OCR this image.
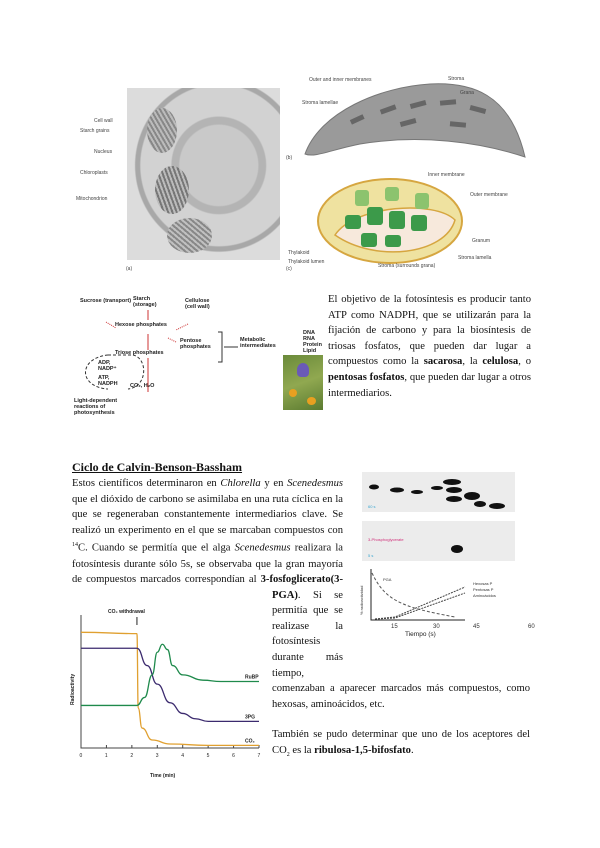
Cell wall
Starch grains
Nucleus
Chloroplasts
Mitochondrion
(a)
Outer and inner membranes	Stroma
Grana
Stroma lamellae
(b)
Inner membrane
Outer membrane
Granum
Stroma lamella
Stroma (surrounds grana)
Thylakoid
Thylakoid lumen
(c)
Sucrose (transport) Starch (storage)
Cellulose (cell wall)
Hexose phosphates
Pentose phosphates
Triose phosphates
ADP, NADP⁺
ATP, NADPH	CO₂, H₂O
Light-dependent reactions of photosynthesis
Metabolic intermediates
DNA
RNA
Protein
Lipid
El objetivo de la fotosíntesis es producir tanto ATP como NADPH, que se utilizarán para la fijación de carbono y para la biosíntesis de triosas fosfatos, que pueden dar lugar a compuestos como la sacarosa, la celulosa, o pentosas fosfatos, que pueden dar lugar a otros intermediarios.
Ciclo de Calvin-Benson-Bassham
Estos científicos determinaron en Chlorella y en Scenedesmus que el dióxido de carbono se asimilaba en una ruta cíclica en la que se regeneraban constantemente intermediarios clave. Se realizó un experimento en el que se marcaban compuestos con $^{14}$C. Cuando se permitía que el alga Scenedesmus realizara la fotosíntesis durante sólo 5s, se observaba que la gran mayoría de compuestos marcados correspondían al 3-fosfoglicerato(3-PGA). Si se permitía que se realizase la fotosíntesis durante más tiempo, comenzaban a aparecer marcados más compuestos, como hexosas, aminoácidos, etc.
También se pudo determinar que uno de los aceptores del $CO_2$ es la ribulosa-1,5-bifosfato.
60 s
3-Phosphoglycerate
5 s
PGA
% radioactividad
Hexosas P
Pentosas P
Aminoácidos
15	30	45	60
Tiempo (s)
CO₂ withdrawal
Radioactivity
Time (min)
0	1	2	3	4	5	6	7
CO₂
3PG
RuBP
